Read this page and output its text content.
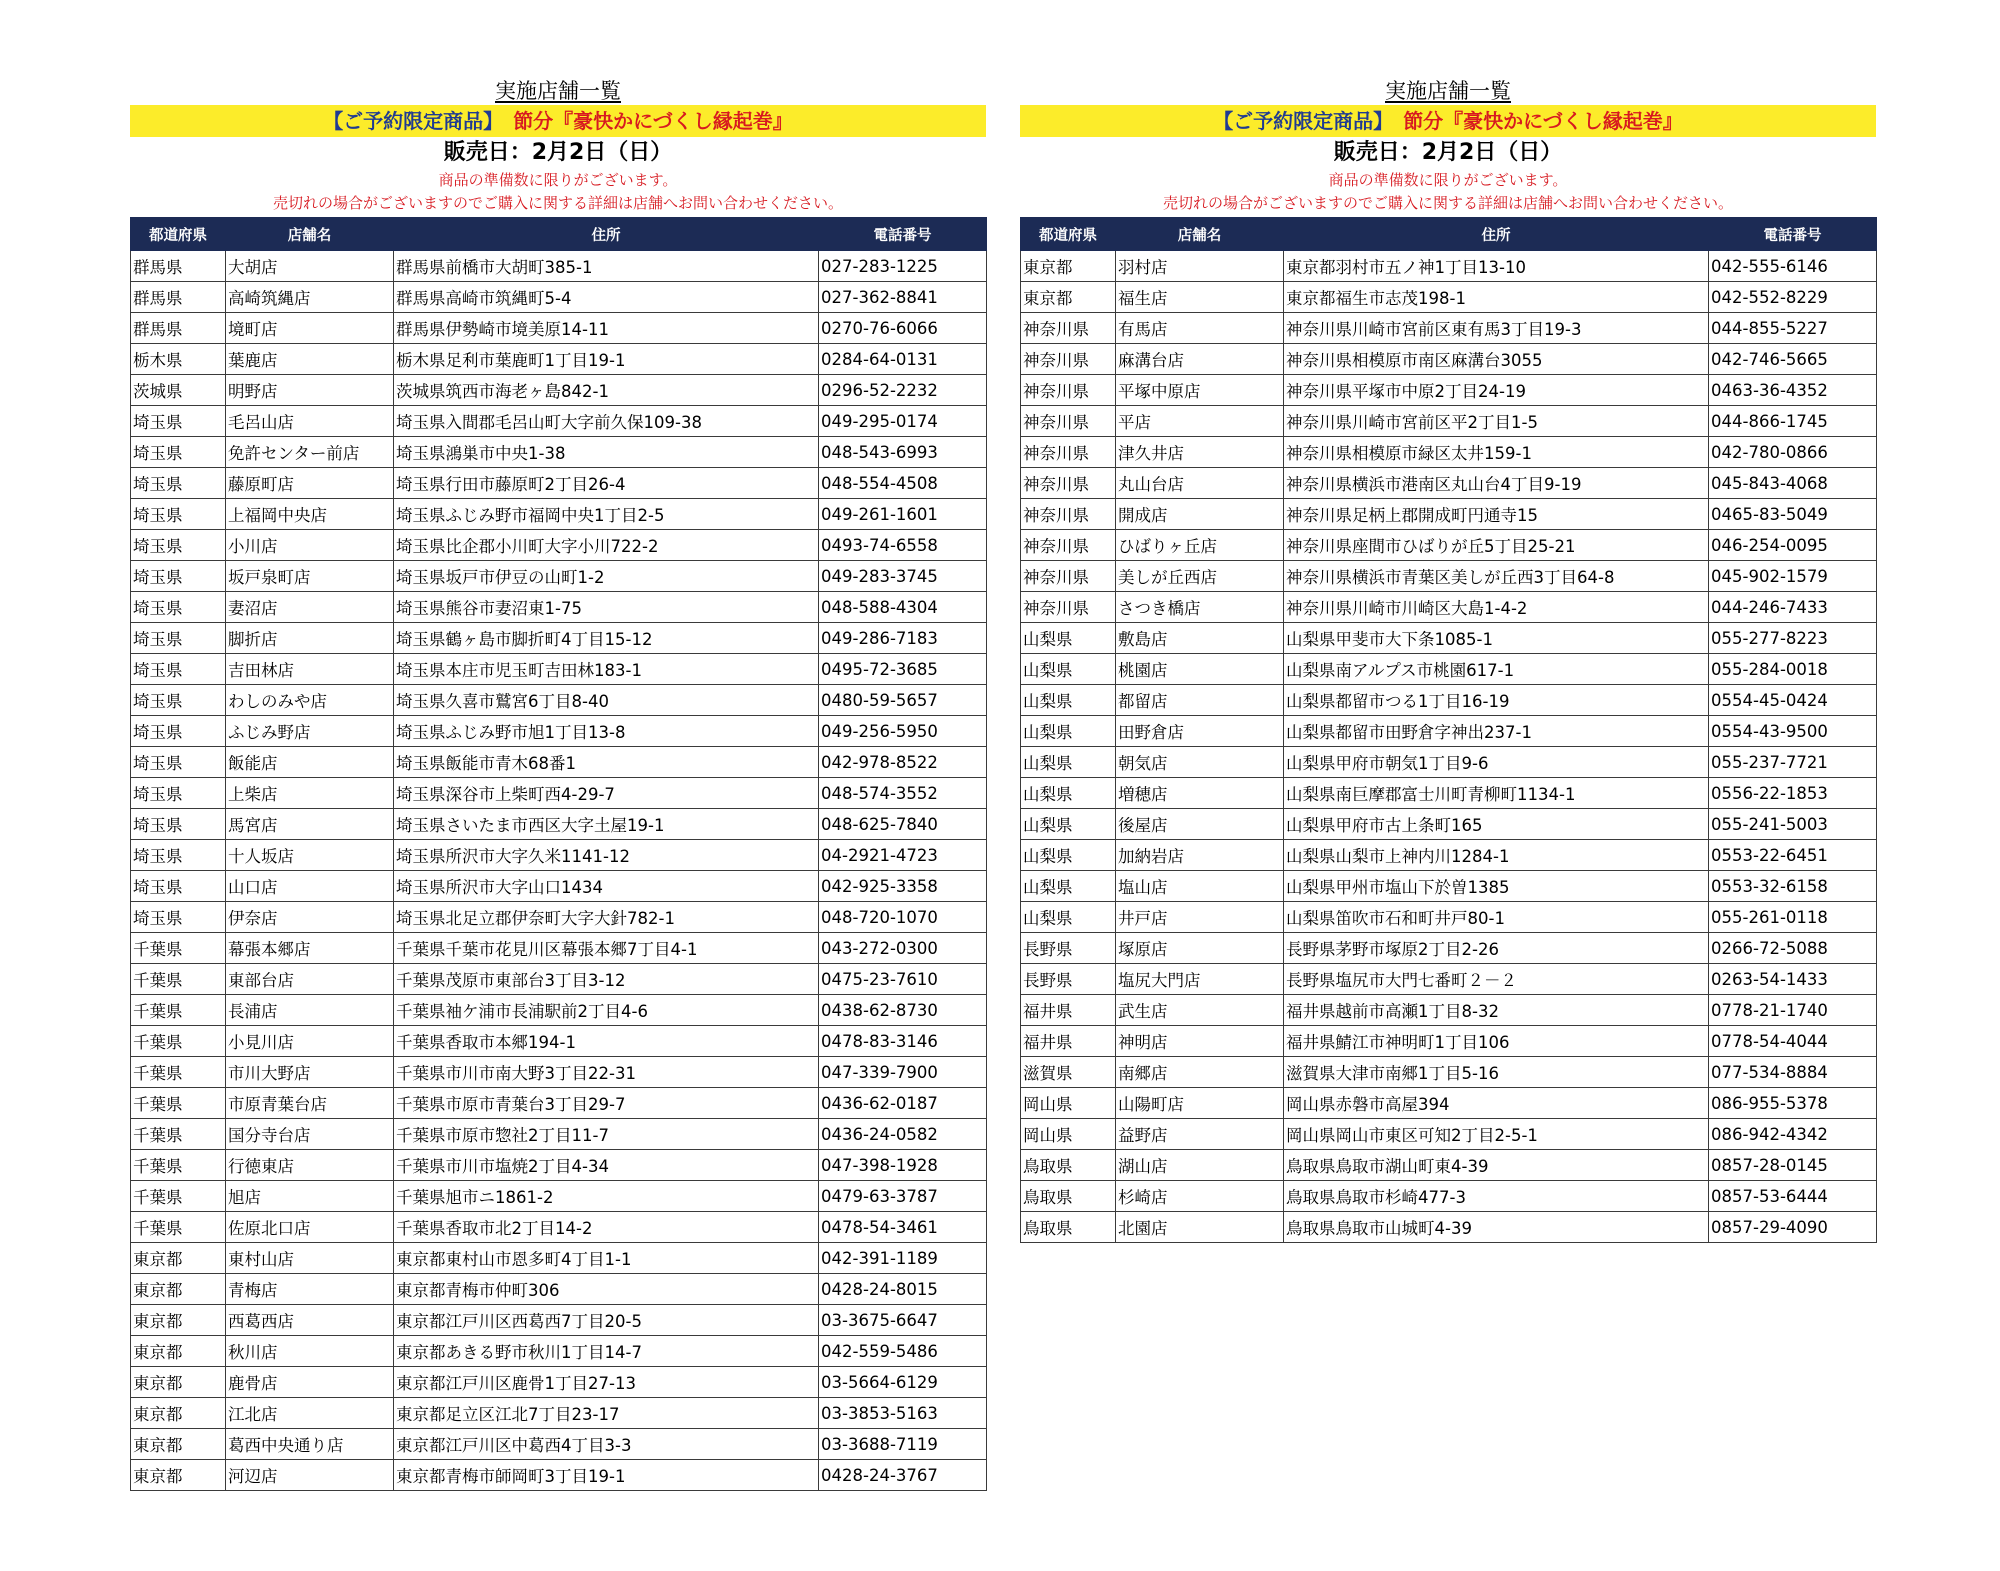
実施店舗一覧
【ご予約限定商品】 節分『豪快かにづくし縁起巻』
販売日：2月2日（日）
商品の準備数に限りがございます。
売切れの場合がございますのでご購入に関する詳細は店舗へお問い合わせください。
都道府県	店舗名	住所	電話番号
群馬県	大胡店	群馬県前橋市大胡町385-1	027-283-1225
群馬県	高崎筑縄店	群馬県高崎市筑縄町5-4	027-362-8841
群馬県	境町店	群馬県伊勢崎市境美原14-11	0270-76-6066
栃木県	葉鹿店	栃木県足利市葉鹿町1丁目19-1	0284-64-0131
茨城県	明野店	茨城県筑西市海老ヶ島842-1	0296-52-2232
埼玉県	毛呂山店	埼玉県入間郡毛呂山町大字前久保109-38	049-295-0174
埼玉県	免許センター前店	埼玉県鴻巣市中央1-38	048-543-6993
埼玉県	藤原町店	埼玉県行田市藤原町2丁目26-4	048-554-4508
埼玉県	上福岡中央店	埼玉県ふじみ野市福岡中央1丁目2-5	049-261-1601
埼玉県	小川店	埼玉県比企郡小川町大字小川722-2	0493-74-6558
埼玉県	坂戸泉町店	埼玉県坂戸市伊豆の山町1-2	049-283-3745
埼玉県	妻沼店	埼玉県熊谷市妻沼東1-75	048-588-4304
埼玉県	脚折店	埼玉県鶴ヶ島市脚折町4丁目15-12	049-286-7183
埼玉県	吉田林店	埼玉県本庄市児玉町吉田林183-1	0495-72-3685
埼玉県	わしのみや店	埼玉県久喜市鷲宮6丁目8-40	0480-59-5657
埼玉県	ふじみ野店	埼玉県ふじみ野市旭1丁目13-8	049-256-5950
埼玉県	飯能店	埼玉県飯能市青木68番1	042-978-8522
埼玉県	上柴店	埼玉県深谷市上柴町西4-29-7	048-574-3552
埼玉県	馬宮店	埼玉県さいたま市西区大字土屋19-1	048-625-7840
埼玉県	十人坂店	埼玉県所沢市大字久米1141-12	04-2921-4723
埼玉県	山口店	埼玉県所沢市大字山口1434	042-925-3358
埼玉県	伊奈店	埼玉県北足立郡伊奈町大字大針782-1	048-720-1070
千葉県	幕張本郷店	千葉県千葉市花見川区幕張本郷7丁目4-1	043-272-0300
千葉県	東部台店	千葉県茂原市東部台3丁目3-12	0475-23-7610
千葉県	長浦店	千葉県袖ケ浦市長浦駅前2丁目4-6	0438-62-8730
千葉県	小見川店	千葉県香取市本郷194-1	0478-83-3146
千葉県	市川大野店	千葉県市川市南大野3丁目22-31	047-339-7900
千葉県	市原青葉台店	千葉県市原市青葉台3丁目29-7	0436-62-0187
千葉県	国分寺台店	千葉県市原市惣社2丁目11-7	0436-24-0582
千葉県	行徳東店	千葉県市川市塩焼2丁目4-34	047-398-1928
千葉県	旭店	千葉県旭市ニ1861-2	0479-63-3787
千葉県	佐原北口店	千葉県香取市北2丁目14-2	0478-54-3461
東京都	東村山店	東京都東村山市恩多町4丁目1-1	042-391-1189
東京都	青梅店	東京都青梅市仲町306	0428-24-8015
東京都	西葛西店	東京都江戸川区西葛西7丁目20-5	03-3675-6647
東京都	秋川店	東京都あきる野市秋川1丁目14-7	042-559-5486
東京都	鹿骨店	東京都江戸川区鹿骨1丁目27-13	03-5664-6129
東京都	江北店	東京都足立区江北7丁目23-17	03-3853-5163
東京都	葛西中央通り店	東京都江戸川区中葛西4丁目3-3	03-3688-7119
東京都	河辺店	東京都青梅市師岡町3丁目19-1	0428-24-3767
実施店舗一覧
【ご予約限定商品】 節分『豪快かにづくし縁起巻』
販売日：2月2日（日）
商品の準備数に限りがございます。
売切れの場合がございますのでご購入に関する詳細は店舗へお問い合わせください。
都道府県	店舗名	住所	電話番号
東京都	羽村店	東京都羽村市五ノ神1丁目13-10	042-555-6146
東京都	福生店	東京都福生市志茂198-1	042-552-8229
神奈川県	有馬店	神奈川県川崎市宮前区東有馬3丁目19-3	044-855-5227
神奈川県	麻溝台店	神奈川県相模原市南区麻溝台3055	042-746-5665
神奈川県	平塚中原店	神奈川県平塚市中原2丁目24-19	0463-36-4352
神奈川県	平店	神奈川県川崎市宮前区平2丁目1-5	044-866-1745
神奈川県	津久井店	神奈川県相模原市緑区太井159-1	042-780-0866
神奈川県	丸山台店	神奈川県横浜市港南区丸山台4丁目9-19	045-843-4068
神奈川県	開成店	神奈川県足柄上郡開成町円通寺15	0465-83-5049
神奈川県	ひばりヶ丘店	神奈川県座間市ひばりが丘5丁目25-21	046-254-0095
神奈川県	美しが丘西店	神奈川県横浜市青葉区美しが丘西3丁目64-8	045-902-1579
神奈川県	さつき橋店	神奈川県川崎市川崎区大島1-4-2	044-246-7433
山梨県	敷島店	山梨県甲斐市大下条1085-1	055-277-8223
山梨県	桃園店	山梨県南アルプス市桃園617-1	055-284-0018
山梨県	都留店	山梨県都留市つる1丁目16-19	0554-45-0424
山梨県	田野倉店	山梨県都留市田野倉字神出237-1	0554-43-9500
山梨県	朝気店	山梨県甲府市朝気1丁目9-6	055-237-7721
山梨県	増穂店	山梨県南巨摩郡富士川町青柳町1134-1	0556-22-1853
山梨県	後屋店	山梨県甲府市古上条町165	055-241-5003
山梨県	加納岩店	山梨県山梨市上神内川1284-1	0553-22-6451
山梨県	塩山店	山梨県甲州市塩山下於曽1385	0553-32-6158
山梨県	井戸店	山梨県笛吹市石和町井戸80-1	055-261-0118
長野県	塚原店	長野県茅野市塚原2丁目2-26	0266-72-5088
長野県	塩尻大門店	長野県塩尻市大門七番町２－２	0263-54-1433
福井県	武生店	福井県越前市高瀬1丁目8-32	0778-21-1740
福井県	神明店	福井県鯖江市神明町1丁目106	0778-54-4044
滋賀県	南郷店	滋賀県大津市南郷1丁目5-16	077-534-8884
岡山県	山陽町店	岡山県赤磐市高屋394	086-955-5378
岡山県	益野店	岡山県岡山市東区可知2丁目2-5-1	086-942-4342
鳥取県	湖山店	鳥取県鳥取市湖山町東4-39	0857-28-0145
鳥取県	杉崎店	鳥取県鳥取市杉崎477-3	0857-53-6444
鳥取県	北園店	鳥取県鳥取市山城町4-39	0857-29-4090
